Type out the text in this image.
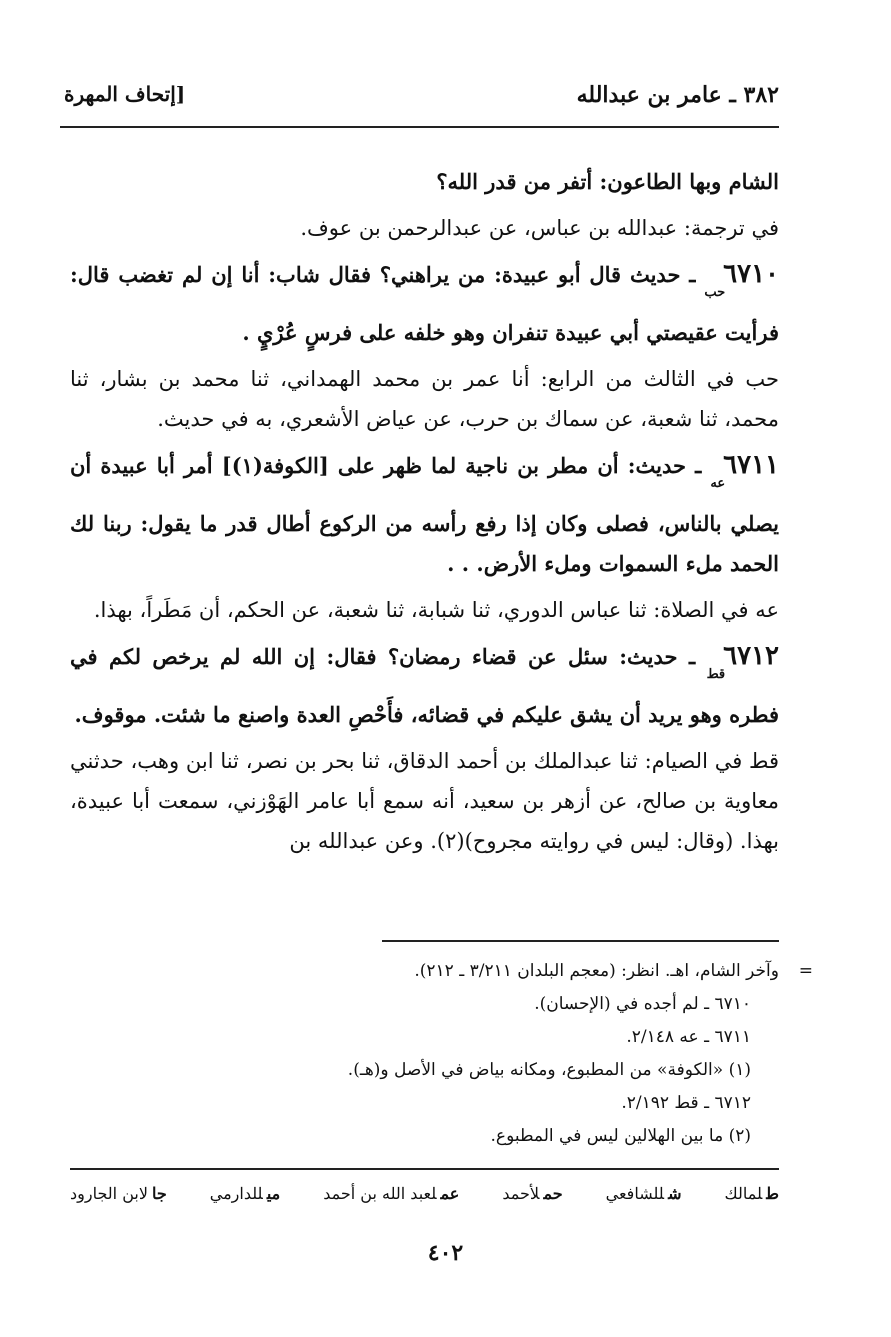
٣٨٢ ـ عامر بن عبدالله
[إتحاف المهرة

الشام وبها الطاعون: أتفر من قدر الله؟

في ترجمة: عبدالله بن عباس، عن عبدالرحمن بن عوف.

$٦٧١٠_{حب}$ ـ حديث قال أبو عبيدة: من يراهني؟ فقال شاب: أنا إن لم تغضب قال: فرأيت عقيصتي أبي عبيدة تنفران وهو خلفه على فرسٍ عُرْيٍ .

حب في الثالث من الرابع: أنا عمر بن محمد الهمداني، ثنا محمد بن بشار، ثنا محمد، ثنا شعبة، عن سماك بن حرب، عن عياض الأشعري، به في حديث.

$٦٧١١_{عه}$ ـ حديث: أن مطر بن ناجية لما ظهر على [الكوفة(١)] أمر أبا عبيدة أن يصلي بالناس، فصلى وكان إذا رفع رأسه من الركوع أطال قدر ما يقول: ربنا لك الحمد ملء السموات وملء الأرض. . .

عه في الصلاة: ثنا عباس الدوري، ثنا شبابة، ثنا شعبة، عن الحكم، أن مَطَراً، بهذا.

$٦٧١٢_{قط}$ ـ حديث: سئل عن قضاء رمضان؟ فقال: إن الله لم يرخص لكم في فطره وهو يريد أن يشق عليكم في قضائه، فأَحْصِ العدة واصنع ما شئت. موقوف.

قط في الصيام: ثنا عبدالملك بن أحمد الدقاق، ثنا بحر بن نصر، ثنا ابن وهب، حدثني معاوية بن صالح، عن أزهر بن سعيد، أنه سمع أبا عامر الهَوْزني، سمعت أبا عبيدة، بهذا. (وقال: ليس في روايته مجروح)(٢). وعن عبدالله بن

=
وآخر الشام، اهـ. انظر: (معجم البلدان ٣/٢١١ ـ ٢١٢).
٦٧١٠ ـ لم أجده في (الإحسان).
٦٧١١ ـ عه ٢/١٤٨.
(١) «الكوفة» من المطبوع، ومكانه بياض في الأصل و(هـ).
٦٧١٢ ـ قط ٢/١٩٢.
(٢) ما بين الهلالين ليس في المطبوع.
طلمالك
شللشافعي
حملأحمد
عملعبد الله بن أحمد
ميللدارمي
جالابن الجارود
٤٠٢
